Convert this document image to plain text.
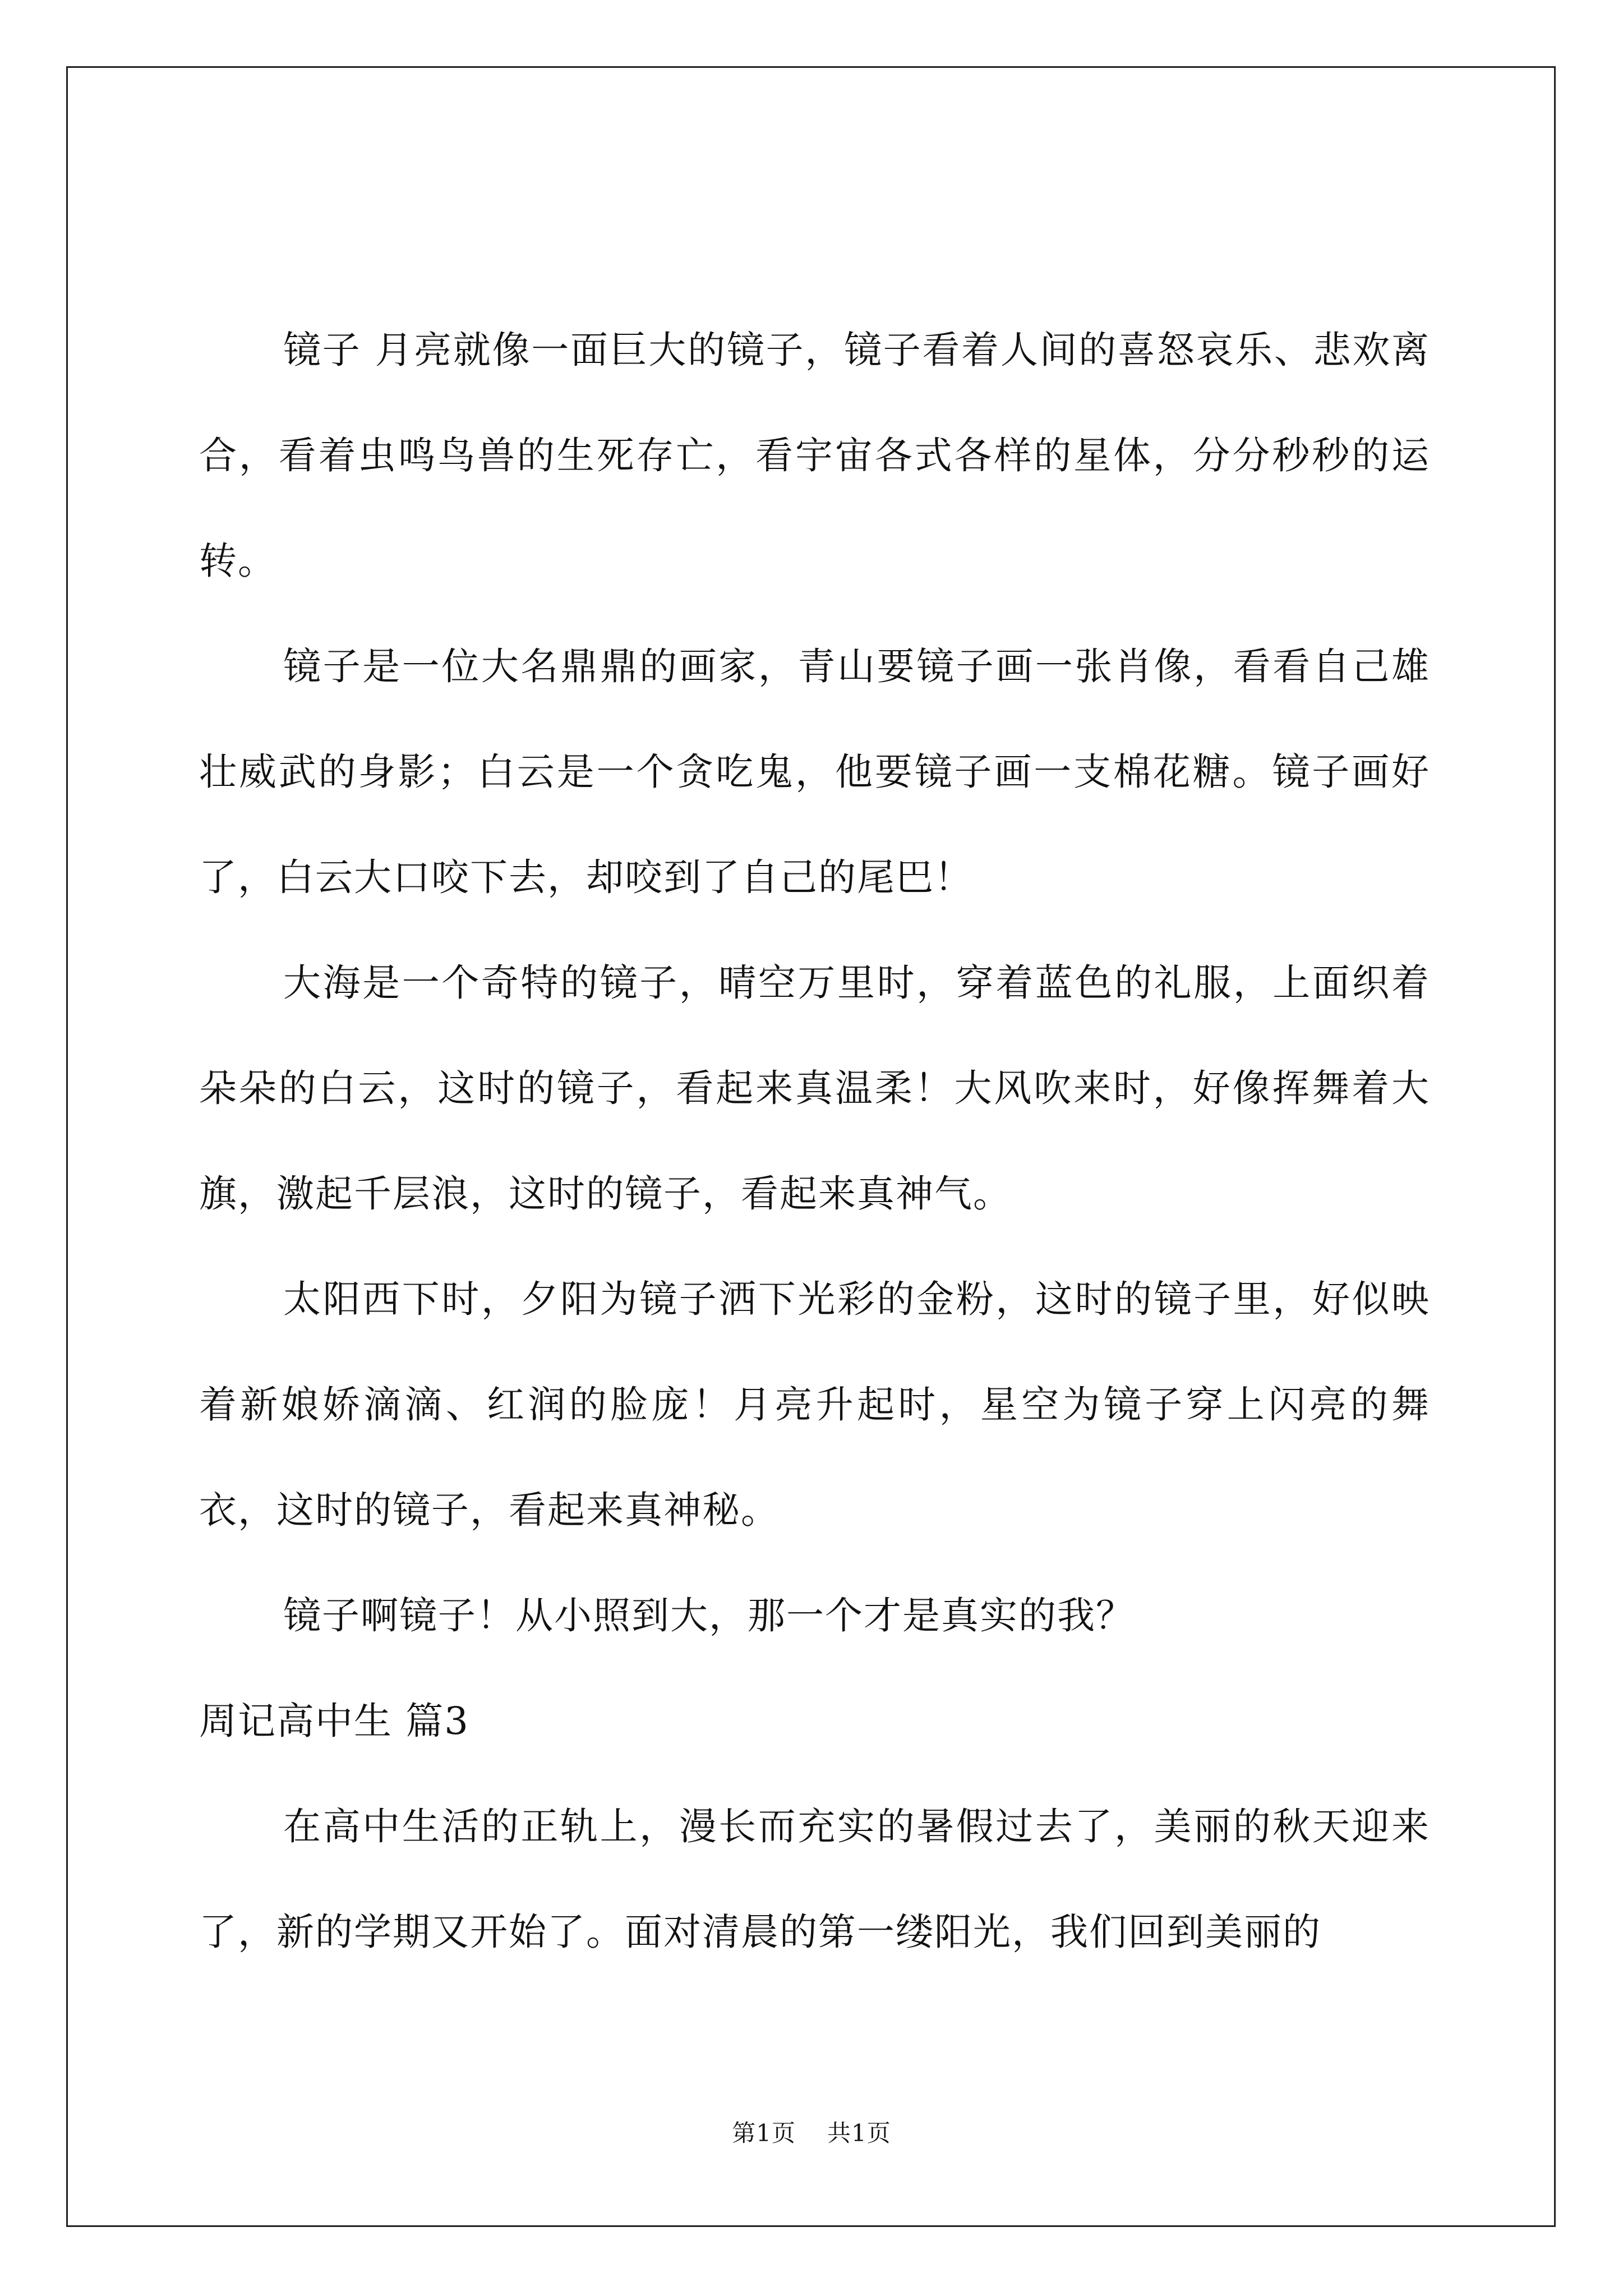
镜子 月亮就像一面巨大的镜子，镜子看着人间的喜怒哀乐、悲欢离合，看着虫鸣鸟兽的生死存亡，看宇宙各式各样的星体，分分秒秒的运转。

镜子是一位大名鼎鼎的画家，青山要镜子画一张肖像，看看自己雄壮威武的身影；白云是一个贪吃鬼，他要镜子画一支棉花糖。镜子画好了，白云大口咬下去，却咬到了自己的尾巴！

大海是一个奇特的镜子，晴空万里时，穿着蓝色的礼服，上面织着朵朵的白云，这时的镜子，看起来真温柔！大风吹来时，好像挥舞着大旗，激起千层浪，这时的镜子，看起来真神气。

太阳西下时，夕阳为镜子洒下光彩的金粉，这时的镜子里，好似映着新娘娇滴滴、红润的脸庞！月亮升起时，星空为镜子穿上闪亮的舞衣，这时的镜子，看起来真神秘。

镜子啊镜子！从小照到大，那一个才是真实的我？

周记高中生 篇3

在高中生活的正轨上，漫长而充实的暑假过去了，美丽的秋天迎来了，新的学期又开始了。面对清晨的第一缕阳光，我们回到美丽的

第1页 共1页
